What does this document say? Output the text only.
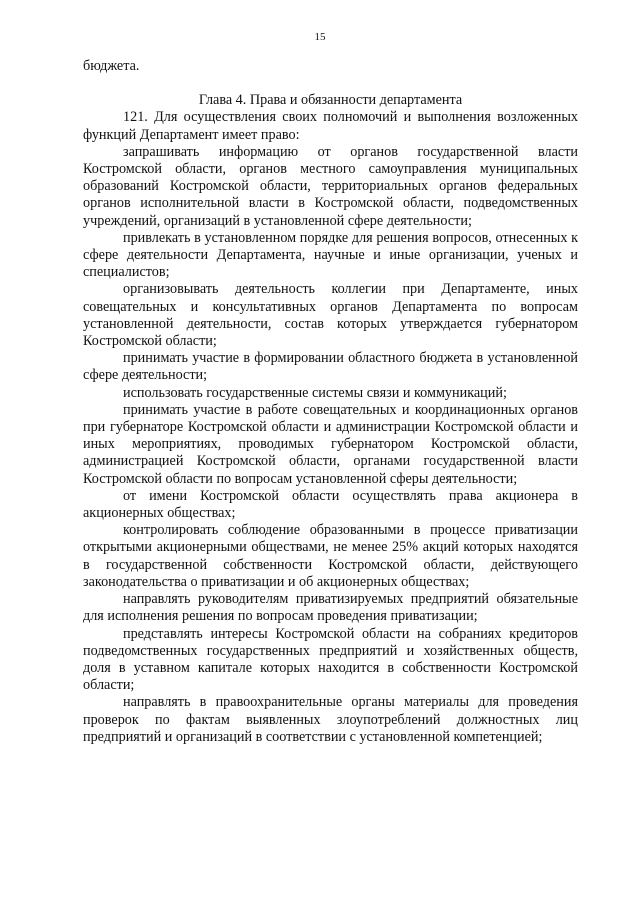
15

бюджета.

Глава 4. Права и обязанности департамента

121. Для осуществления своих полномочий и выполнения возложенных функций Департамент имеет право:

запрашивать информацию от органов государственной власти Костромской области, органов местного самоуправления муниципальных образований Костромской области, территориальных органов федеральных органов исполнительной власти в Костромской области, подведомственных учреждений, организаций в установленной сфере деятельности;

привлекать в установленном порядке для решения вопросов, отнесенных к сфере деятельности Департамента, научные и иные организации, ученых и специалистов;

организовывать деятельность коллегии при Департаменте, иных совещательных и консультативных органов Департамента по вопросам установленной деятельности, состав которых утверждается губернатором Костромской области;

принимать участие в формировании областного бюджета в установленной сфере деятельности;

использовать государственные системы связи и коммуникаций;

принимать участие в работе совещательных и координационных органов при губернаторе Костромской области и администрации Костромской области и иных мероприятиях, проводимых губернатором Костромской области, администрацией Костромской области, органами государственной власти Костромской области по вопросам установленной сферы деятельности;

от имени Костромской области осуществлять права акционера в акционерных обществах;

контролировать соблюдение образованными в процессе приватизации открытыми акционерными обществами, не менее 25% акций которых находятся в государственной собственности Костромской области, действующего законодательства о приватизации и об акционерных обществах;

направлять руководителям приватизируемых предприятий обязательные для исполнения решения по вопросам проведения приватизации;

представлять интересы Костромской области на собраниях кредиторов подведомственных государственных предприятий и хозяйственных обществ, доля в уставном капитале которых находится в собственности Костромской области;

направлять в правоохранительные органы материалы для проведения проверок по фактам выявленных злоупотреблений должностных лиц предприятий и организаций в соответствии с установленной компетенцией;
